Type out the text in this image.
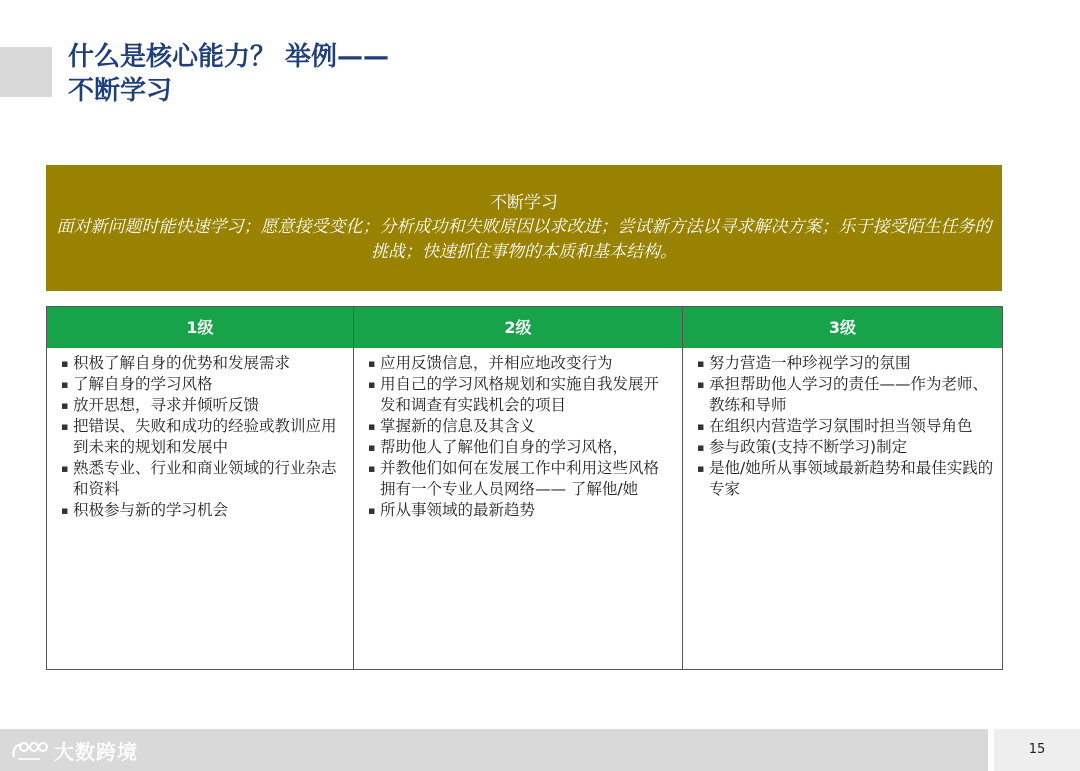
什么是核心能力？ 举例——
不断学习
不断学习
面对新问题时能快速学习；愿意接受变化；分析成功和失败原因以求改进；尝试新方法以寻求解决方案；乐于接受陌生任务的挑战；快速抓住事物的本质和基本结构。
1级
▪ 积极了解自身的优势和发展需求
▪ 了解自身的学习风格
▪ 放开思想，寻求并倾听反馈
▪ 把错误、失败和成功的经验或教训应用到未来的规划和发展中
▪ 熟悉专业、行业和商业领域的行业杂志和资料
▪ 积极参与新的学习机会
2级
▪ 应用反馈信息，并相应地改变行为
▪ 用自己的学习风格规划和实施自我发展开发和调查有实践机会的项目
▪ 掌握新的信息及其含义
▪ 帮助他人了解他们自身的学习风格，
▪ 并教他们如何在发展工作中利用这些风格
拥有一个专业人员网络—— 了解他/她
▪ 所从事领域的最新趋势
3级
▪ 努力营造一种珍视学习的氛围
▪ 承担帮助他人学习的责任——作为老师、教练和导师
▪ 在组织内营造学习氛围时担当领导角色
▪ 参与政策(支持不断学习)制定
▪ 是他/她所从事领域最新趋势和最佳实践的专家
15
大数跨境
